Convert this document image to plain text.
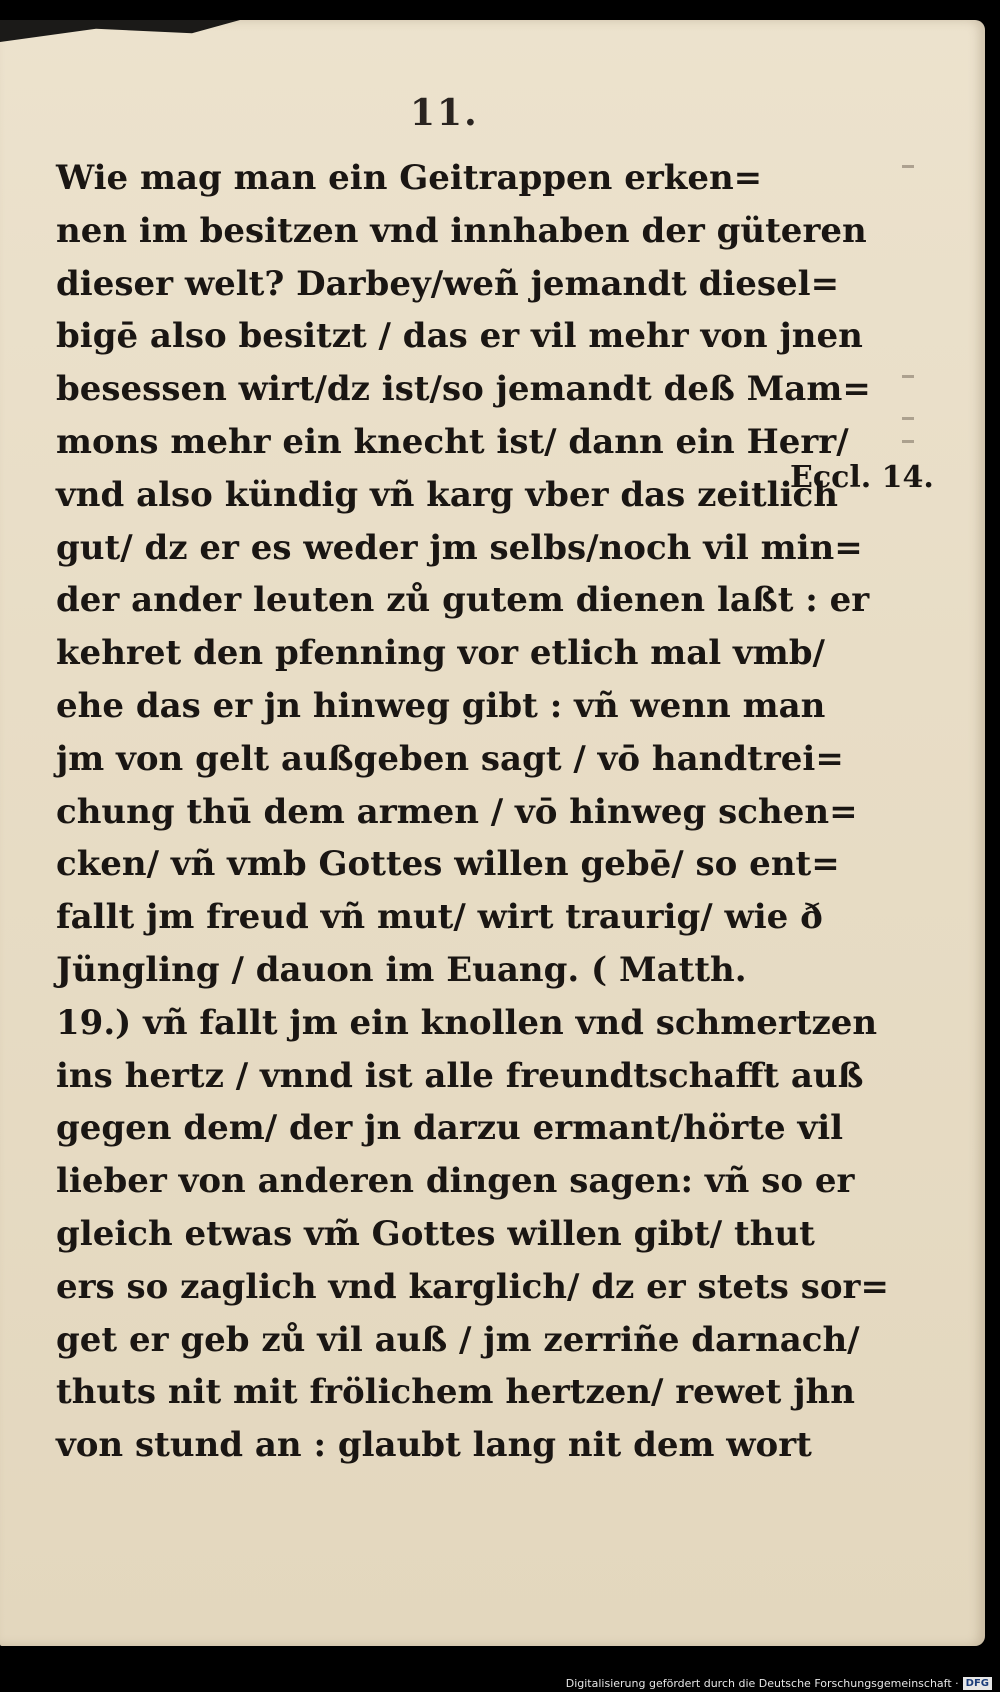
11.
Wie mag man ein Geitrappen erken=
nen im besitzen vnd innhaben der güteren
dieser welt? Darbey/weñ jemandt diesel=
bigē also besitzt / das er vil mehr von jnen
besessen wirt/dz ist/so jemandt deß Mam=
mons mehr ein knecht ist/ dann ein Herr/
vnd also kündig vñ karg vber das zeitlich
gut/ dz er es weder jm selbs/noch vil min=
der ander leuten zů gutem dienen laßt : er
kehret den pfenning vor etlich mal vmb/
ehe das er jn hinweg gibt : vñ wenn man
jm von gelt außgeben sagt / vō handtrei=
chung thū dem armen / vō hinweg schen=
cken/ vñ vmb Gottes willen gebē/ so ent=
fallt jm freud vñ mut/ wirt traurig/ wie ð
Jüngling / dauon im Euang. ( Matth.
19.) vñ fallt jm ein knollen vnd schmertzen
ins hertz / vnnd ist alle freundtschafft auß
gegen dem/ der jn darzu ermant/hörte vil
lieber von anderen dingen sagen: vñ so er
gleich etwas vm̃ Gottes willen gibt/ thut
ers so zaglich vnd karglich/ dz er stets sor=
get er geb zů vil auß / jm zerriñe darnach/
thuts nit mit frölichem hertzen/ rewet jhn
von stund an : glaubt lang nit dem wort
Eccl. 14.
Digitalisierung gefördert durch die Deutsche Forschungsgemeinschaft · DFG
